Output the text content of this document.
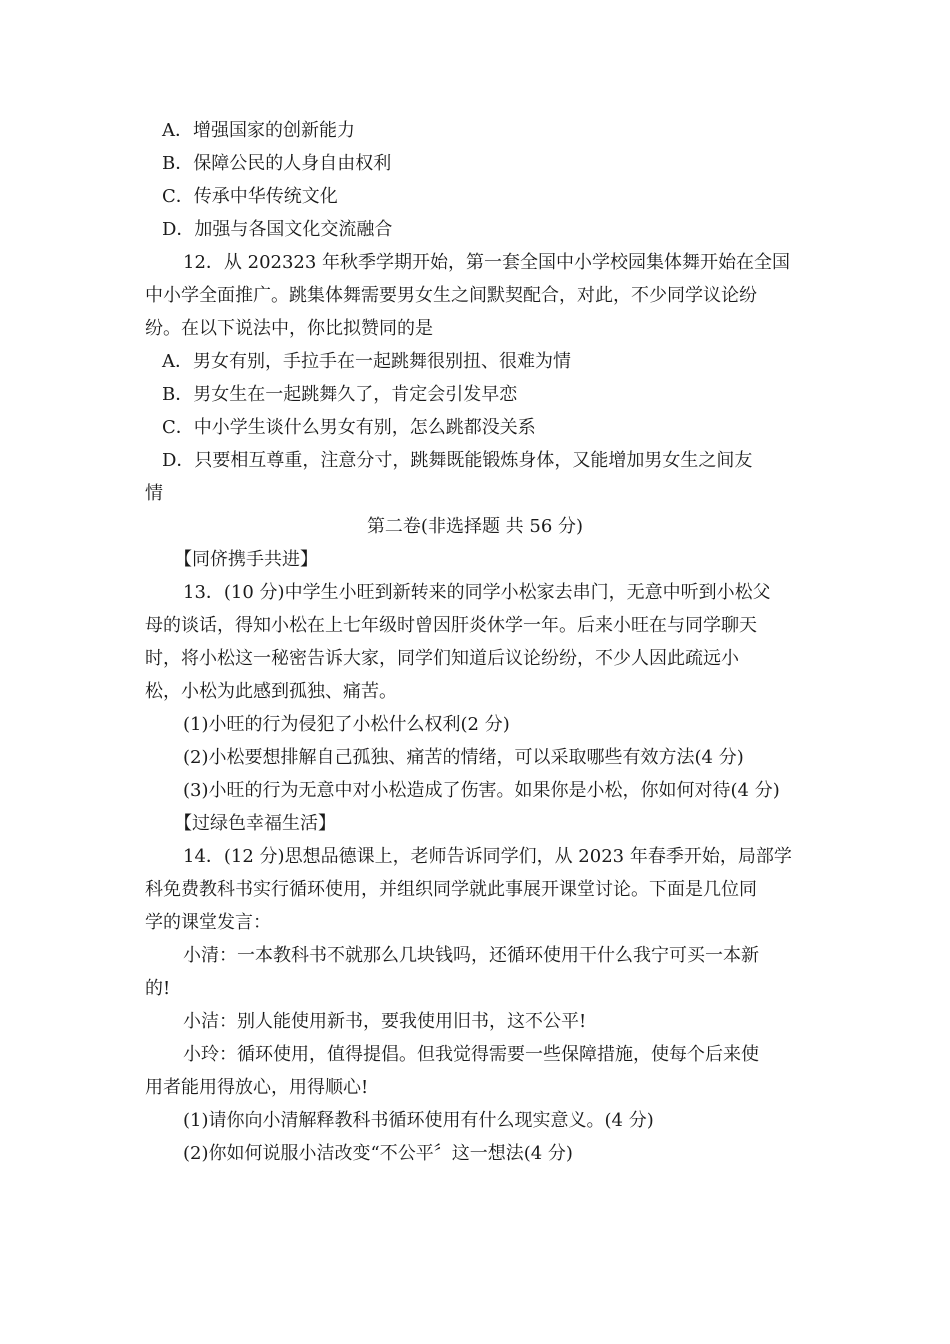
A．增强国家的创新能力
B．保障公民的人身自由权利
C．传承中华传统文化
D．加强与各国文化交流融合
12．从 202323 年秋季学期开始，第一套全国中小学校园集体舞开始在全国
中小学全面推广。跳集体舞需要男女生之间默契配合，对此，不少同学议论纷
纷。在以下说法中，你比拟赞同的是
A．男女有别，手拉手在一起跳舞很别扭、很难为情
B．男女生在一起跳舞久了，肯定会引发早恋
C．中小学生谈什么男女有别，怎么跳都没关系
D．只要相互尊重，注意分寸，跳舞既能锻炼身体，又能增加男女生之间友
情
第二卷(非选择题 共 56 分)
【同侪携手共进】
13．(10 分)中学生小旺到新转来的同学小松家去串门，无意中听到小松父
母的谈话，得知小松在上七年级时曾因肝炎休学一年。后来小旺在与同学聊天
时，将小松这一秘密告诉大家，同学们知道后议论纷纷，不少人因此疏远小
松，小松为此感到孤独、痛苦。
(1)小旺的行为侵犯了小松什么权利(2 分)
(2)小松要想排解自己孤独、痛苦的情绪，可以采取哪些有效方法(4 分)
(3)小旺的行为无意中对小松造成了伤害。如果你是小松，你如何对待(4 分)
【过绿色幸福生活】
14．(12 分)思想品德课上，老师告诉同学们，从 2023 年春季开始，局部学
科免费教科书实行循环使用，并组织同学就此事展开课堂讨论。下面是几位同
学的课堂发言：
小清：一本教科书不就那么几块钱吗，还循环使用干什么我宁可买一本新
的!
小洁：别人能使用新书，要我使用旧书，这不公平!
小玲：循环使用，值得提倡。但我觉得需要一些保障措施，使每个后来使
用者能用得放心，用得顺心!
(1)请你向小清解释教科书循环使用有什么现实意义。(4 分)
(2)你如何说服小洁改变“不公平〞这一想法(4 分)
